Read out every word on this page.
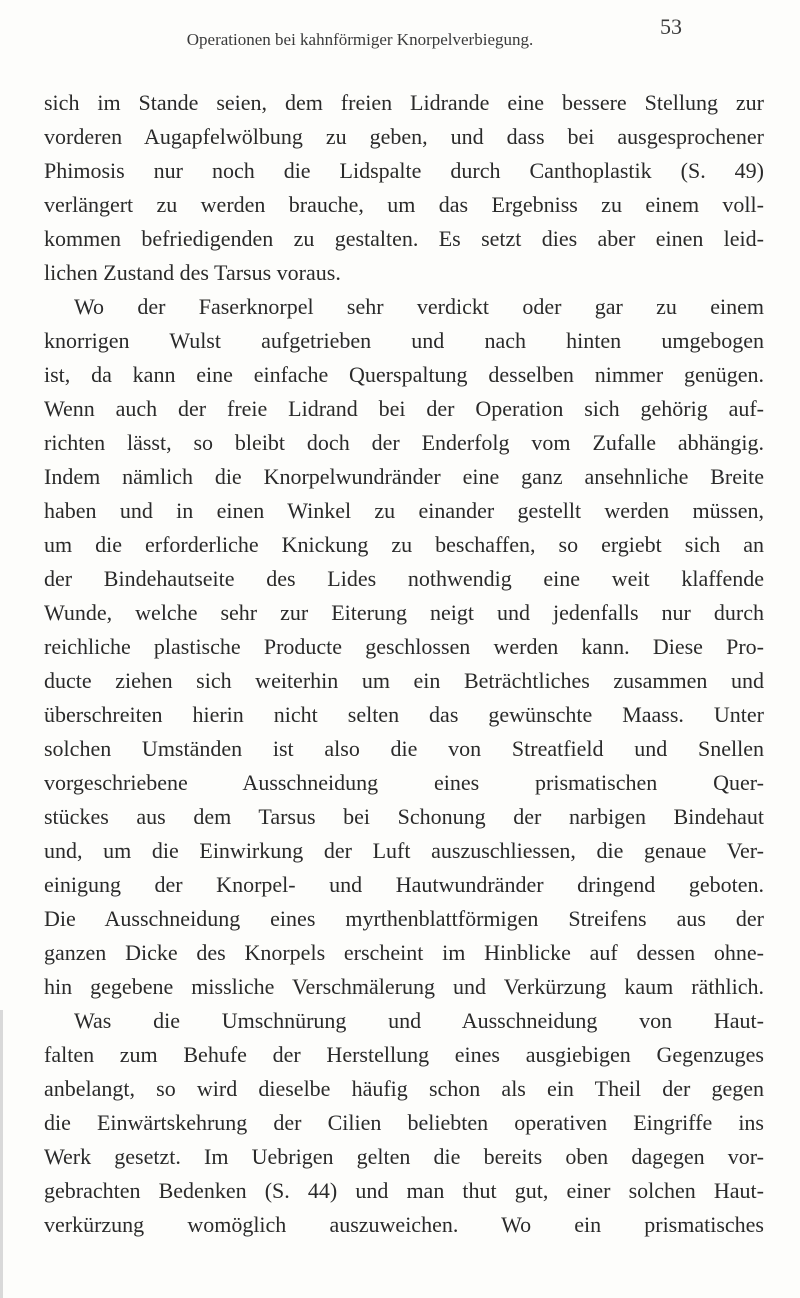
Operationen bei kahnförmiger Knorpelverbiegung.
53
sich im Stande seien, dem freien Lidrande eine bessere Stellung zur
vorderen Augapfelwölbung zu geben, und dass bei ausgesprochener
Phimosis nur noch die Lidspalte durch Canthoplastik (S. 49)
verlängert zu werden brauche, um das Ergebniss zu einem voll-
kommen befriedigenden zu gestalten. Es setzt dies aber einen leid-
lichen Zustand des Tarsus voraus.
Wo der Faserknorpel sehr verdickt oder gar zu einem
knorrigen Wulst aufgetrieben und nach hinten umgebogen
ist, da kann eine einfache Querspaltung desselben nimmer genügen.
Wenn auch der freie Lidrand bei der Operation sich gehörig auf-
richten lässt, so bleibt doch der Enderfolg vom Zufalle abhängig.
Indem nämlich die Knorpelwundränder eine ganz ansehnliche Breite
haben und in einen Winkel zu einander gestellt werden müssen,
um die erforderliche Knickung zu beschaffen, so ergiebt sich an
der Bindehautseite des Lides nothwendig eine weit klaffende
Wunde, welche sehr zur Eiterung neigt und jedenfalls nur durch
reichliche plastische Producte geschlossen werden kann. Diese Pro-
ducte ziehen sich weiterhin um ein Beträchtliches zusammen und
überschreiten hierin nicht selten das gewünschte Maass. Unter
solchen Umständen ist also die von Streatfield und Snellen
vorgeschriebene Ausschneidung eines prismatischen Quer-
stückes aus dem Tarsus bei Schonung der narbigen Bindehaut
und, um die Einwirkung der Luft auszuschliessen, die genaue Ver-
einigung der Knorpel- und Hautwundränder dringend geboten.
Die Ausschneidung eines myrthenblattförmigen Streifens aus der
ganzen Dicke des Knorpels erscheint im Hinblicke auf dessen ohne-
hin gegebene missliche Verschmälerung und Verkürzung kaum räthlich.
Was die Umschnürung und Ausschneidung von Haut-
falten zum Behufe der Herstellung eines ausgiebigen Gegenzuges
anbelangt, so wird dieselbe häufig schon als ein Theil der gegen
die Einwärtskehrung der Cilien beliebten operativen Eingriffe ins
Werk gesetzt. Im Uebrigen gelten die bereits oben dagegen vor-
gebrachten Bedenken (S. 44) und man thut gut, einer solchen Haut-
verkürzung womöglich auszuweichen. Wo ein prismatisches
